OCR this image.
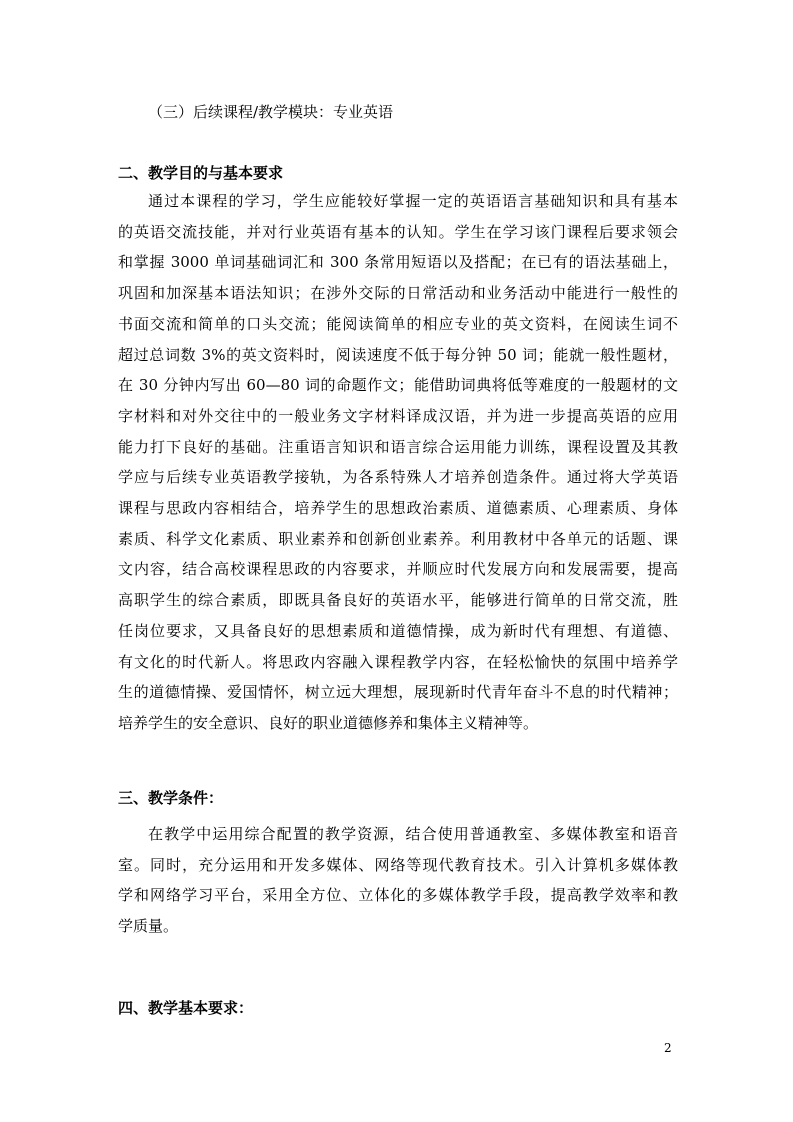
（三）后续课程/教学模块：专业英语
二、教学目的与基本要求
通过本课程的学习，学生应能较好掌握一定的英语语言基础知识和具有基本
的英语交流技能，并对行业英语有基本的认知。学生在学习该门课程后要求领会
和掌握 3000 单词基础词汇和 300 条常用短语以及搭配；在已有的语法基础上，
巩固和加深基本语法知识；在涉外交际的日常活动和业务活动中能进行一般性的
书面交流和简单的口头交流；能阅读简单的相应专业的英文资料，在阅读生词不
超过总词数 3%的英文资料时，阅读速度不低于每分钟 50 词；能就一般性题材，
在 30 分钟内写出 60—80 词的命题作文；能借助词典将低等难度的一般题材的文
字材料和对外交往中的一般业务文字材料译成汉语，并为进一步提高英语的应用
能力打下良好的基础。注重语言知识和语言综合运用能力训练，课程设置及其教
学应与后续专业英语教学接轨，为各系特殊人才培养创造条件。通过将大学英语
课程与思政内容相结合，培养学生的思想政治素质、道德素质、心理素质、身体
素质、科学文化素质、职业素养和创新创业素养。利用教材中各单元的话题、课
文内容，结合高校课程思政的内容要求，并顺应时代发展方向和发展需要，提高
高职学生的综合素质，即既具备良好的英语水平，能够进行简单的日常交流，胜
任岗位要求，又具备良好的思想素质和道德情操，成为新时代有理想、有道德、
有文化的时代新人。将思政内容融入课程教学内容，在轻松愉快的氛围中培养学
生的道德情操、爱国情怀，树立远大理想，展现新时代青年奋斗不息的时代精神；
培养学生的安全意识、良好的职业道德修养和集体主义精神等。
三、教学条件：
在教学中运用综合配置的教学资源，结合使用普通教室、多媒体教室和语音
室。同时，充分运用和开发多媒体、网络等现代教育技术。引入计算机多媒体教
学和网络学习平台，采用全方位、立体化的多媒体教学手段，提高教学效率和教
学质量。
四、教学基本要求：
2
